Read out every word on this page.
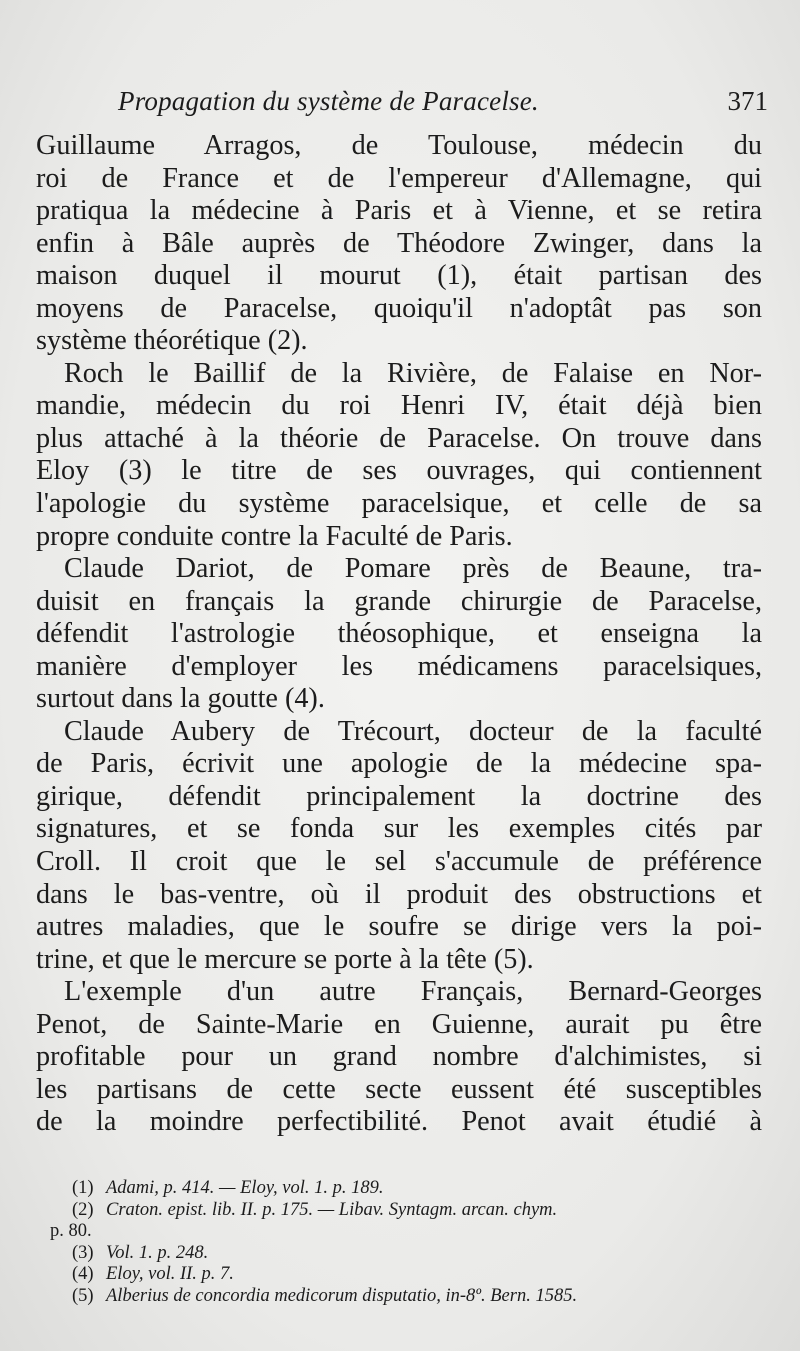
Propagation du système de Paracelse.	371
Guillaume Arragos, de Toulouse, médecin du
roi de France et de l'empereur d'Allemagne, qui
pratiqua la médecine à Paris et à Vienne, et se retira
enfin à Bâle auprès de Théodore Zwinger, dans la
maison duquel il mourut (1), était partisan des
moyens de Paracelse, quoiqu'il n'adoptât pas son
système théorétique (2).
Roch le Baillif de la Rivière, de Falaise en Nor-
mandie, médecin du roi Henri IV, était déjà bien
plus attaché à la théorie de Paracelse. On trouve dans
Eloy (3) le titre de ses ouvrages, qui contiennent
l'apologie du système paracelsique, et celle de sa
propre conduite contre la Faculté de Paris.
Claude Dariot, de Pomare près de Beaune, tra-
duisit en français la grande chirurgie de Paracelse,
défendit l'astrologie théosophique, et enseigna la
manière d'employer les médicamens paracelsiques,
surtout dans la goutte (4).
Claude Aubery de Trécourt, docteur de la faculté
de Paris, écrivit une apologie de la médecine spa-
girique, défendit principalement la doctrine des
signatures, et se fonda sur les exemples cités par
Croll. Il croit que le sel s'accumule de préférence
dans le bas-ventre, où il produit des obstructions et
autres maladies, que le soufre se dirige vers la poi-
trine, et que le mercure se porte à la tête (5).
L'exemple d'un autre Français, Bernard-Georges
Penot, de Sainte-Marie en Guienne, aurait pu être
profitable pour un grand nombre d'alchimistes, si
les partisans de cette secte eussent été susceptibles
de la moindre perfectibilité. Penot avait étudié à
(1) Adami, p. 414. — Eloy, vol. 1. p. 189.
(2) Craton. epist. lib. II. p. 175. — Libav. Syntagm. arcan. chym.
p. 80.
(3) Vol. 1. p. 248.
(4) Eloy, vol. II. p. 7.
(5) Alberius de concordia medicorum disputatio, in-8º. Bern. 1585.
